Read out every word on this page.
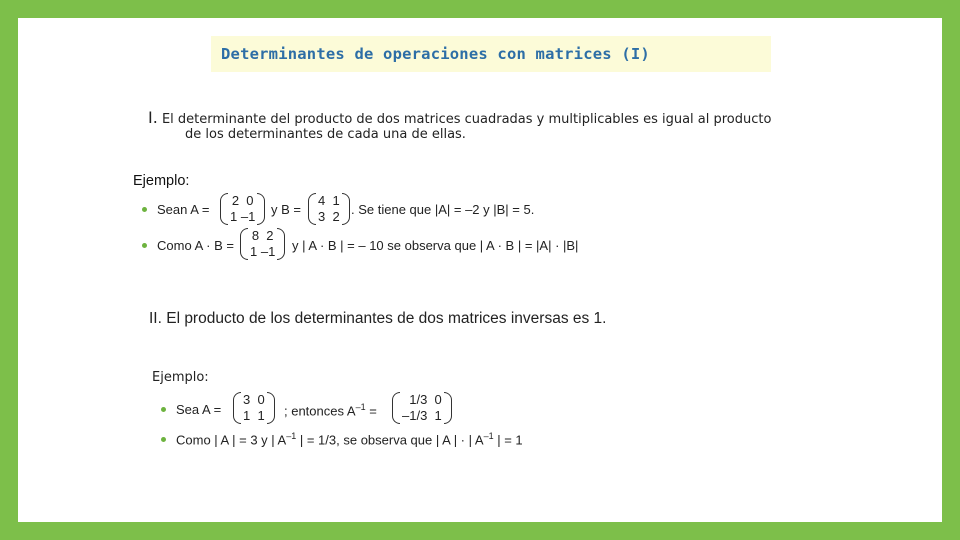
Determinantes de operaciones con matrices (I)
I. El determinante del producto de dos matrices cuadradas y multiplicables es igual al producto
de los determinantes de cada una de ellas.
Ejemplo:
Sean A =
2  0
1 –1 y B =
4  1
3  2 . Se tiene que |A| = –2 y |B| = 5.
Como A · B =
8  2
1 –1 y | A · B | = – 10 se observa que | A · B | = |A| · |B|
II. El producto de los determinantes de dos matrices inversas es 1.
Ejemplo:
Sea A =
3  0
1  1 ; entonces $A^{-1}$ =
1/3  0
–1/3  1
Como | A | = 3 y | $A^{-1}$ | = 1/3, se observa que | A | · | $A^{-1}$ | = 1
